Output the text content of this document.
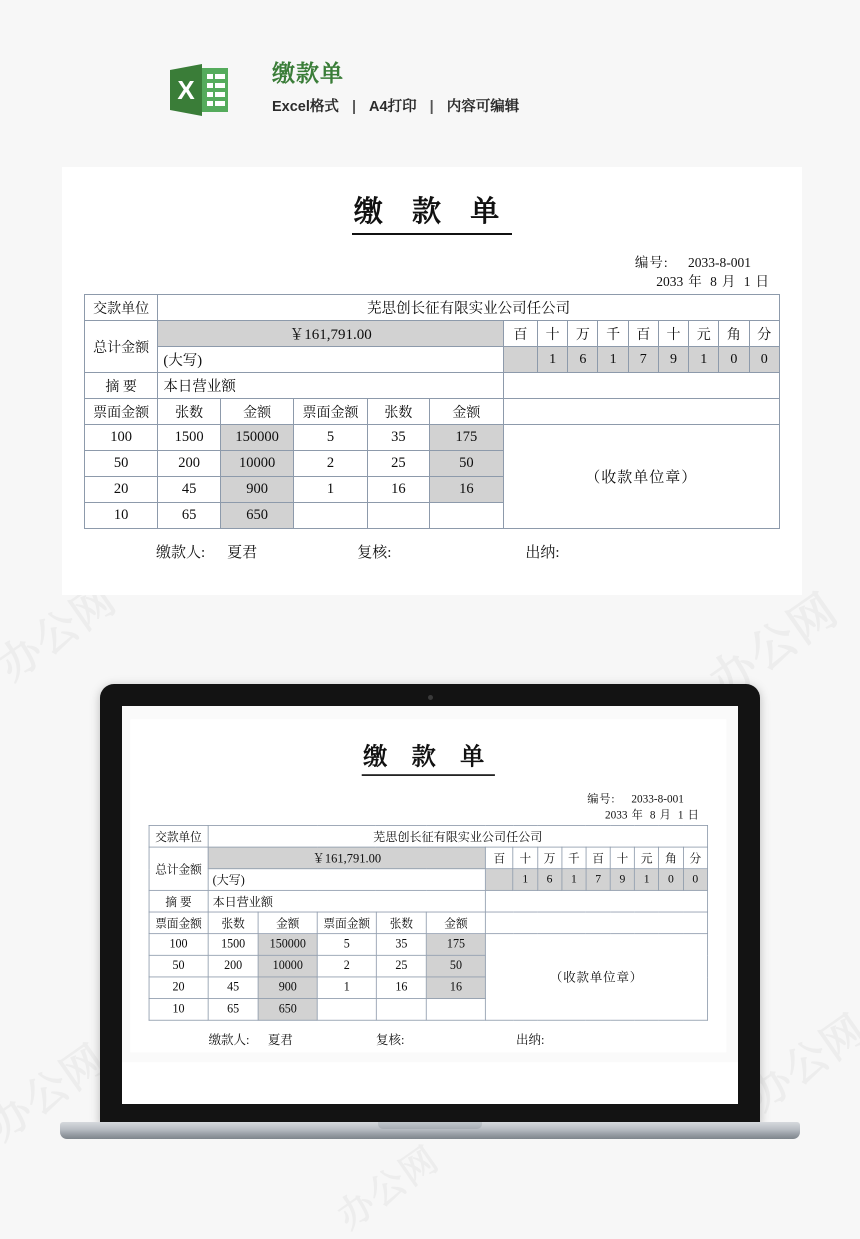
X
缴款单
Excel格式 | A4打印 | 内容可编辑
缴 款 单
编号: 2033-8-001
2033 年 8 月 1 日
交款单位	芜思创长征有限实业公司任公司													
总计金额	￥161,791.00					百	十	万	千	百	十	元	角	分
	(大写)						1	6	1	7	9	1	0	0
摘 要	本日营业额													
票面金额	张数	金额	票面金额	张数	金额									
100	1500	150000	5	35	175	（收款单位章）								
50	200	10000	2	25	50									
20	45	900	1	16	16									
10	65	650												
缴款人: 夏君	复核:	出纳:
缴 款 单
编号: 2033-8-001
2033 年 8 月 1 日
交款单位	芜思创长征有限实业公司任公司													
总计金额	￥161,791.00					百	十	万	千	百	十	元	角	分
	(大写)						1	6	1	7	9	1	0	0
摘 要	本日营业额													
票面金额	张数	金额	票面金额	张数	金额									
100	1500	150000	5	35	175	（收款单位章）								
50	200	10000	2	25	50									
20	45	900	1	16	16									
10	65	650												
缴款人: 夏君	复核:	出纳:
